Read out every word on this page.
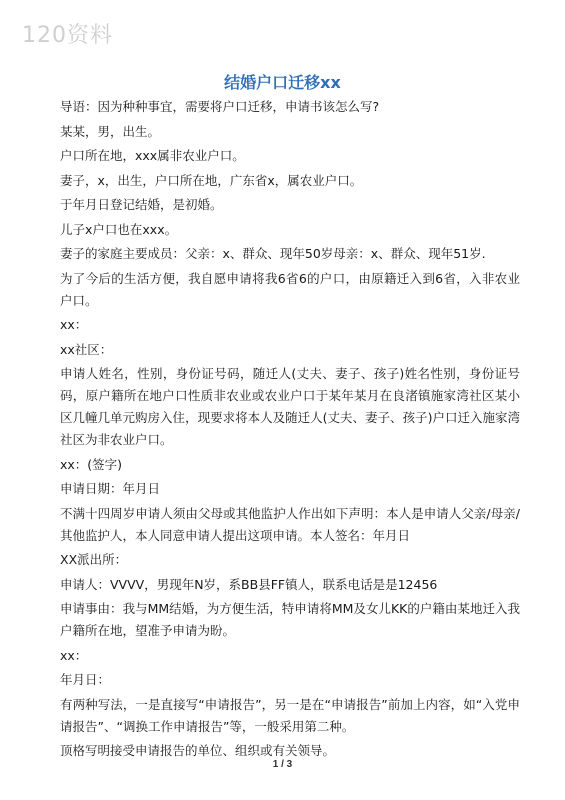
120资料
结婚户口迁移xx

导语：因为种种事宜，需要将户口迁移，申请书该怎么写?

某某，男，出生。

户口所在地，xxx属非农业户口。

妻子，x，出生，户口所在地，广东省x，属农业户口。

于年月日登记结婚，是初婚。

儿子x户口也在xxx。

妻子的家庭主要成员：父亲：x、群众、现年50岁母亲：x、群众、现年51岁.

为了今后的生活方便，我自愿申请将我6省6的户口，由原籍迁入到6省，入非农业户口。

xx：

xx社区：

申请人姓名，性别，身份证号码，随迁人(丈夫、妻子、孩子)姓名性别，身份证号码，原户籍所在地户口性质非农业或农业户口于某年某月在良渚镇施家湾社区某小区几幢几单元购房入住，现要求将本人及随迁人(丈夫、妻子、孩子)户口迁入施家湾社区为非农业户口。

xx：(签字)

申请日期：年月日

不满十四周岁申请人须由父母或其他监护人作出如下声明：本人是申请人父亲/母亲/其他监护人，本人同意申请人提出这项申请。本人签名：年月日

XX派出所：

申请人：VVVV，男现年N岁，系BB县FF镇人，联系电话是是12456

申请事由：我与MM结婚，为方便生活，特申请将MM及女儿KK的户籍由某地迁入我户籍所在地，望准予申请为盼。

xx：

年月日：

有两种写法，一是直接写“申请报告”，另一是在“申请报告”前加上内容，如“入党申请报告”、“调换工作申请报告”等，一般采用第二种。

顶格写明接受申请报告的单位、组织或有关领导。

1 / 3
